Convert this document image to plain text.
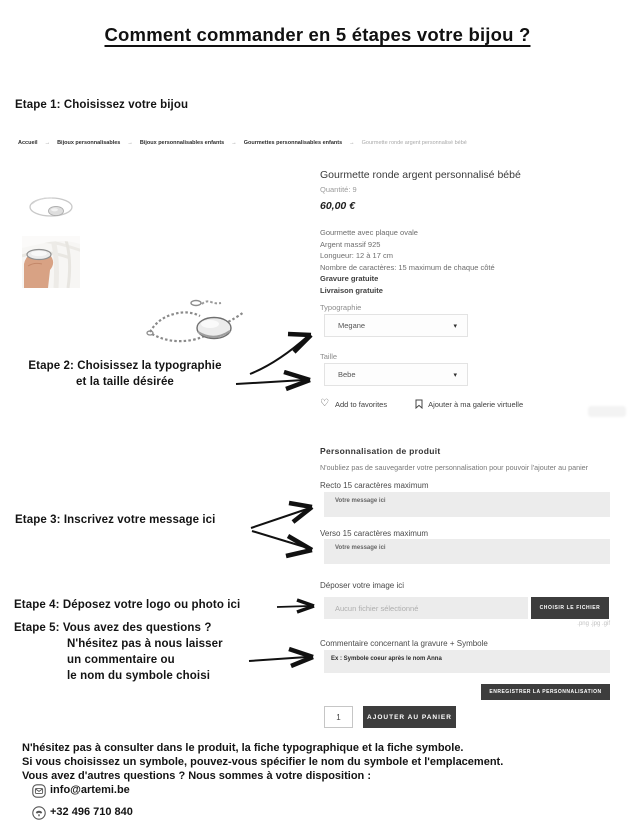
Comment commander en 5 étapes votre bijou ?
Etape 1: Choisissez votre bijou
Accueil → Bijoux personnalisables → Bijoux personnalisables enfants → Gourmettes personnalisables enfants → Gourmette ronde argent personnalisé bébé
Gourmette ronde argent personnalisé bébé
Quantité: 9
60,00 €
Gourmette avec plaque ovale
Argent massif 925
Longueur: 12 à 17 cm
Nombre de caractères: 15 maximum de chaque côté
Gravure gratuite
Livraison gratuite
Typographie
Megane	▾
Taille
Bebe	▾
♡ Add to favorites	Ajouter à ma galerie virtuelle
Personnalisation de produit
N'oubliez pas de sauvegarder votre personnalisation pour pouvoir l'ajouter au panier
Recto 15 caractères maximum
Votre message ici
Verso 15 caractères maximum
Votre message ici
Déposer votre image ici
Aucun fichier sélectionné	CHOISIR LE FICHIER
.png .jpg .gif
Commentaire concernant la gravure + Symbole
Ex : Symbole coeur après le nom Anna
ENREGISTRER LA PERSONNALISATION
1
AJOUTER AU PANIER
Etape 2: Choisissez la typographie
et la taille désirée
Etape 3: Inscrivez votre message ici
Etape 4: Déposez votre logo ou photo ici
Etape 5: Vous avez des questions ?
N'hésitez pas à nous laisser
un commentaire ou
le nom du symbole choisi
N'hésitez pas à consulter dans le produit, la fiche typographique et la fiche symbole.
Si vous choisissez un symbole, pouvez-vous spécifier le nom du symbole et l'emplacement.
Vous avez d'autres questions ? Nous sommes à votre disposition :
info@artemi.be
+32 496 710 840
